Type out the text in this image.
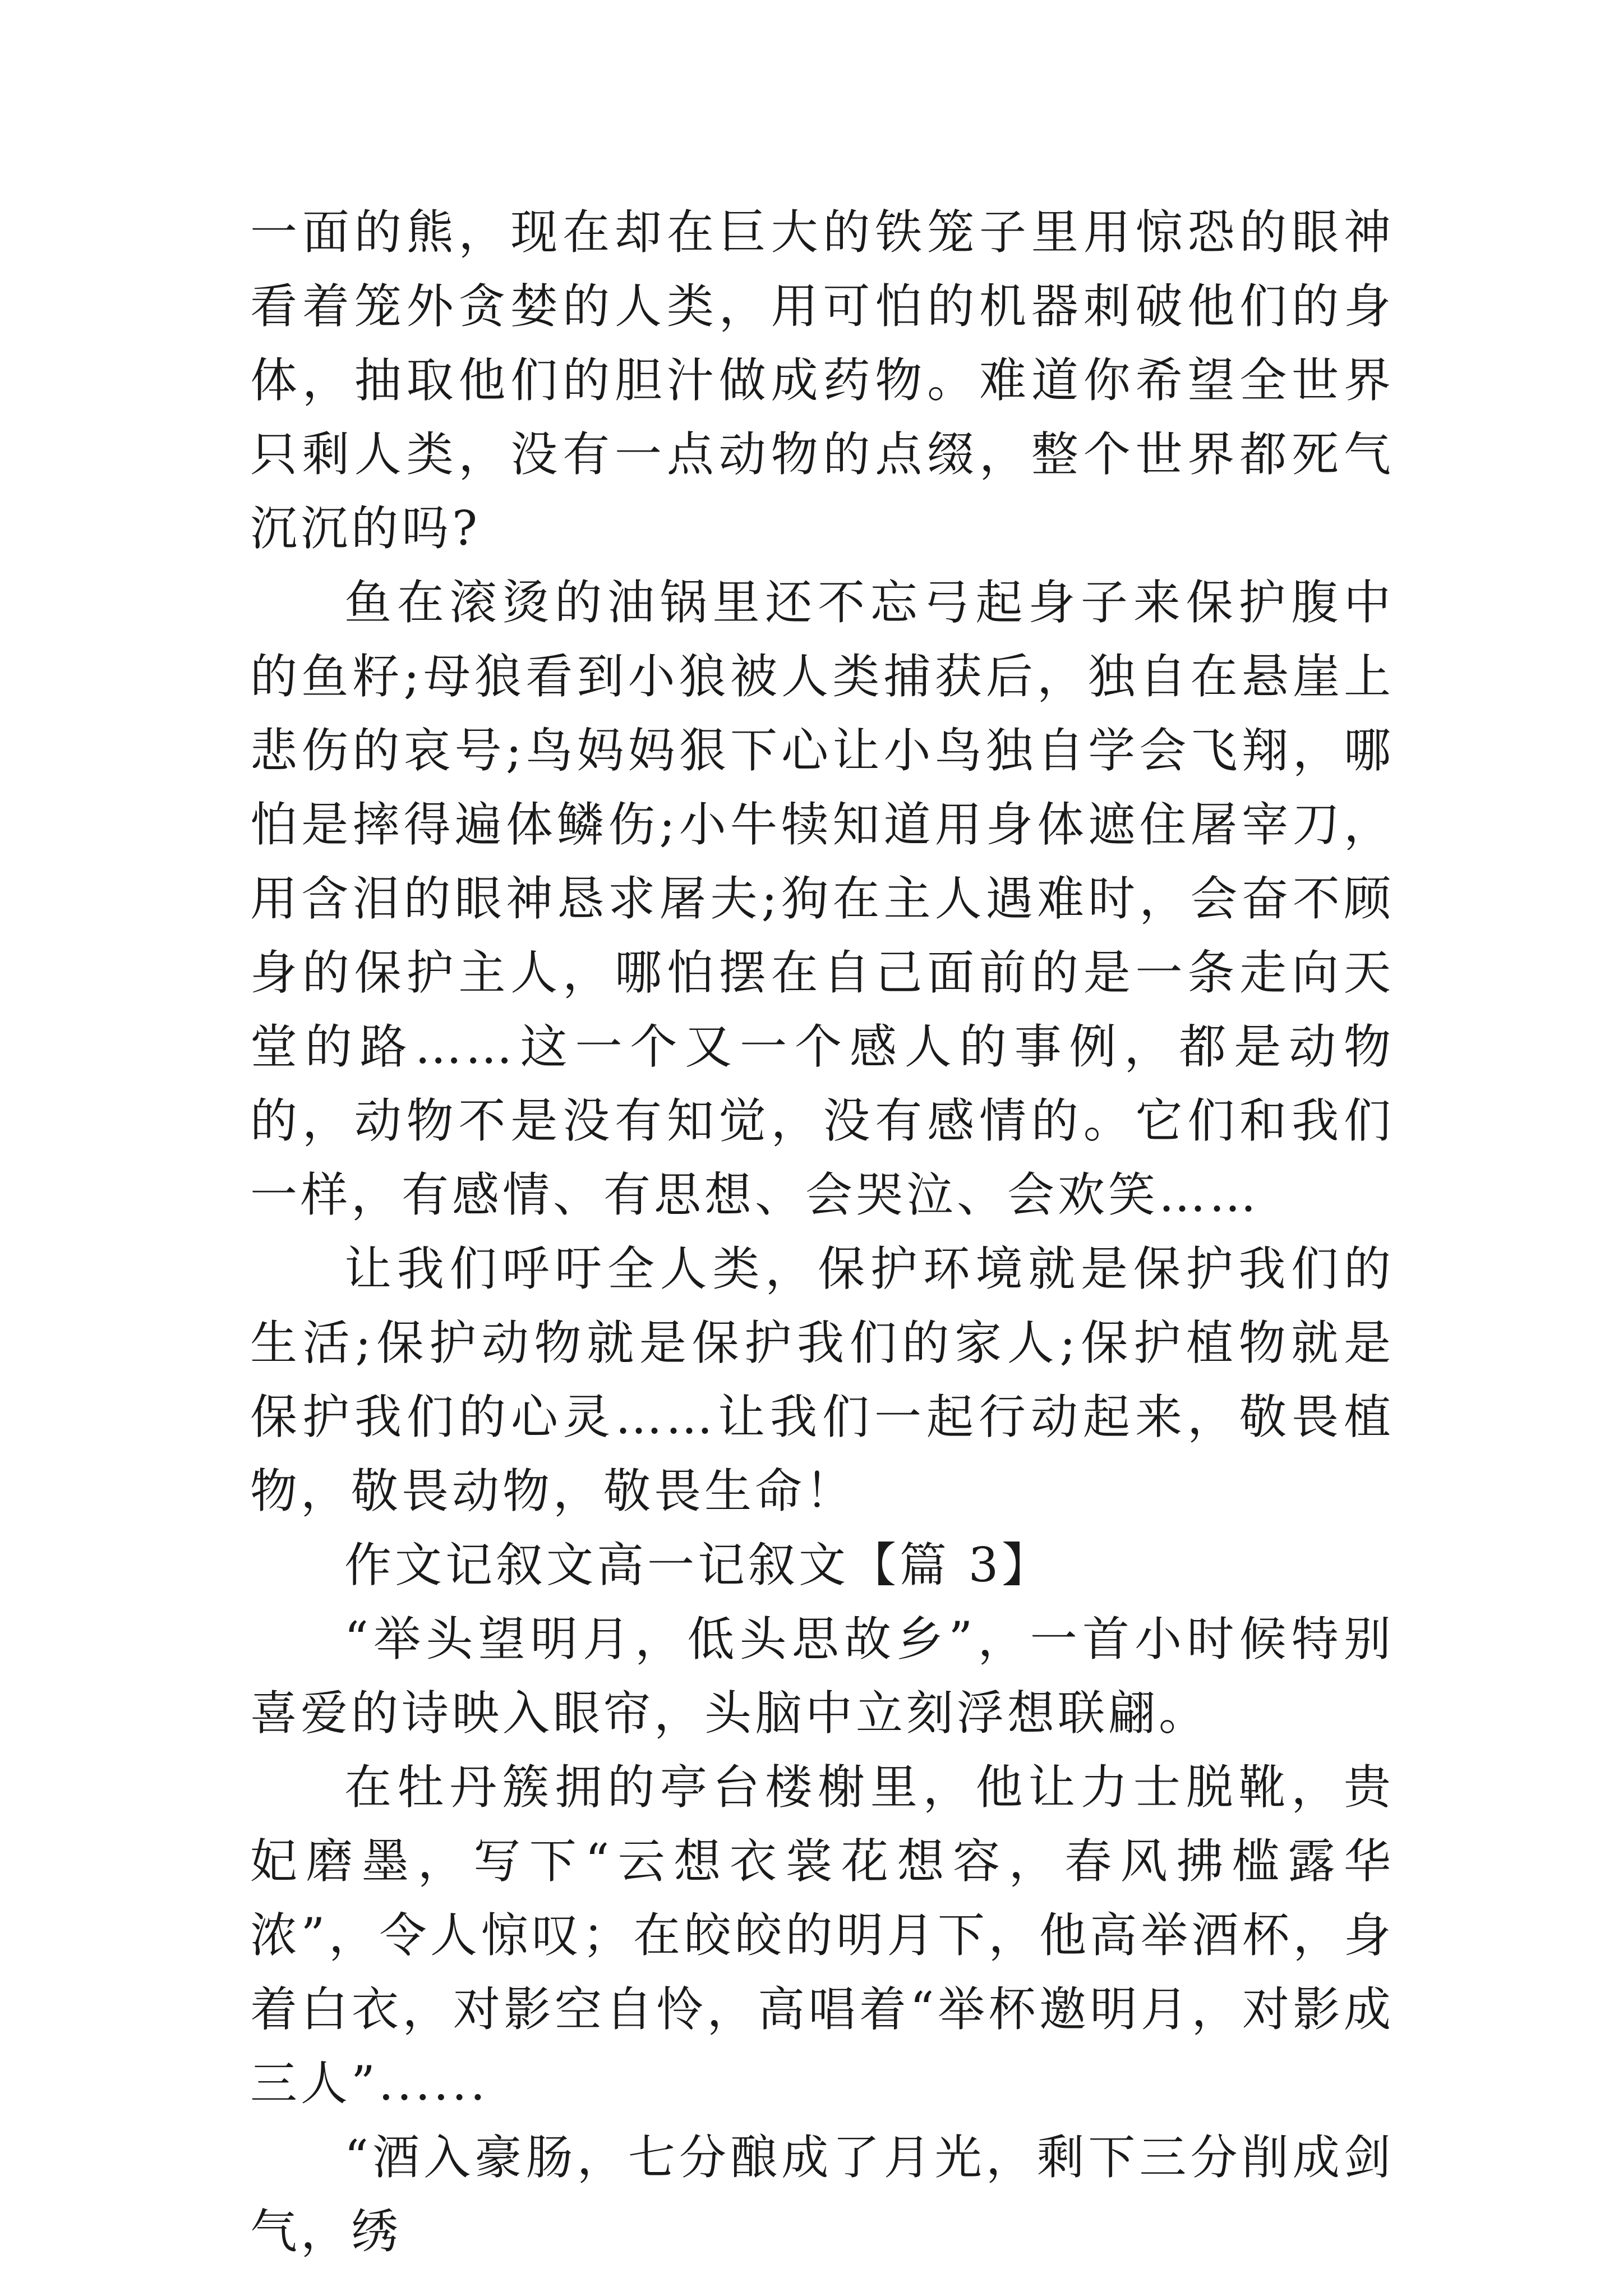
一面的熊，现在却在巨大的铁笼子里用惊恐的眼神看着笼外贪婪的人类，用可怕的机器刺破他们的身体，抽取他们的胆汁做成药物。难道你希望全世界只剩人类，没有一点动物的点缀，整个世界都死气沉沉的吗?

鱼在滚烫的油锅里还不忘弓起身子来保护腹中的鱼籽;母狼看到小狼被人类捕获后，独自在悬崖上悲伤的哀号;鸟妈妈狠下心让小鸟独自学会飞翔，哪怕是摔得遍体鳞伤;小牛犊知道用身体遮住屠宰刀，用含泪的眼神恳求屠夫;狗在主人遇难时，会奋不顾身的保护主人，哪怕摆在自己面前的是一条走向天堂的路……这一个又一个感人的事例，都是动物的，动物不是没有知觉，没有感情的。它们和我们一样，有感情、有思想、会哭泣、会欢笑……

让我们呼吁全人类，保护环境就是保护我们的生活;保护动物就是保护我们的家人;保护植物就是保护我们的心灵……让我们一起行动起来，敬畏植物，敬畏动物，敬畏生命！

作文记叙文高一记叙文【篇 3】

“举头望明月，低头思故乡”，一首小时候特别喜爱的诗映入眼帘，头脑中立刻浮想联翩。

在牡丹簇拥的亭台楼榭里，他让力士脱靴，贵妃磨墨，写下“云想衣裳花想容，春风拂槛露华浓”，令人惊叹；在皎皎的明月下，他高举酒杯，身着白衣，对影空自怜，高唱着“举杯邀明月，对影成三人”......

“酒入豪肠，七分酿成了月光，剩下三分削成剑气，绣
